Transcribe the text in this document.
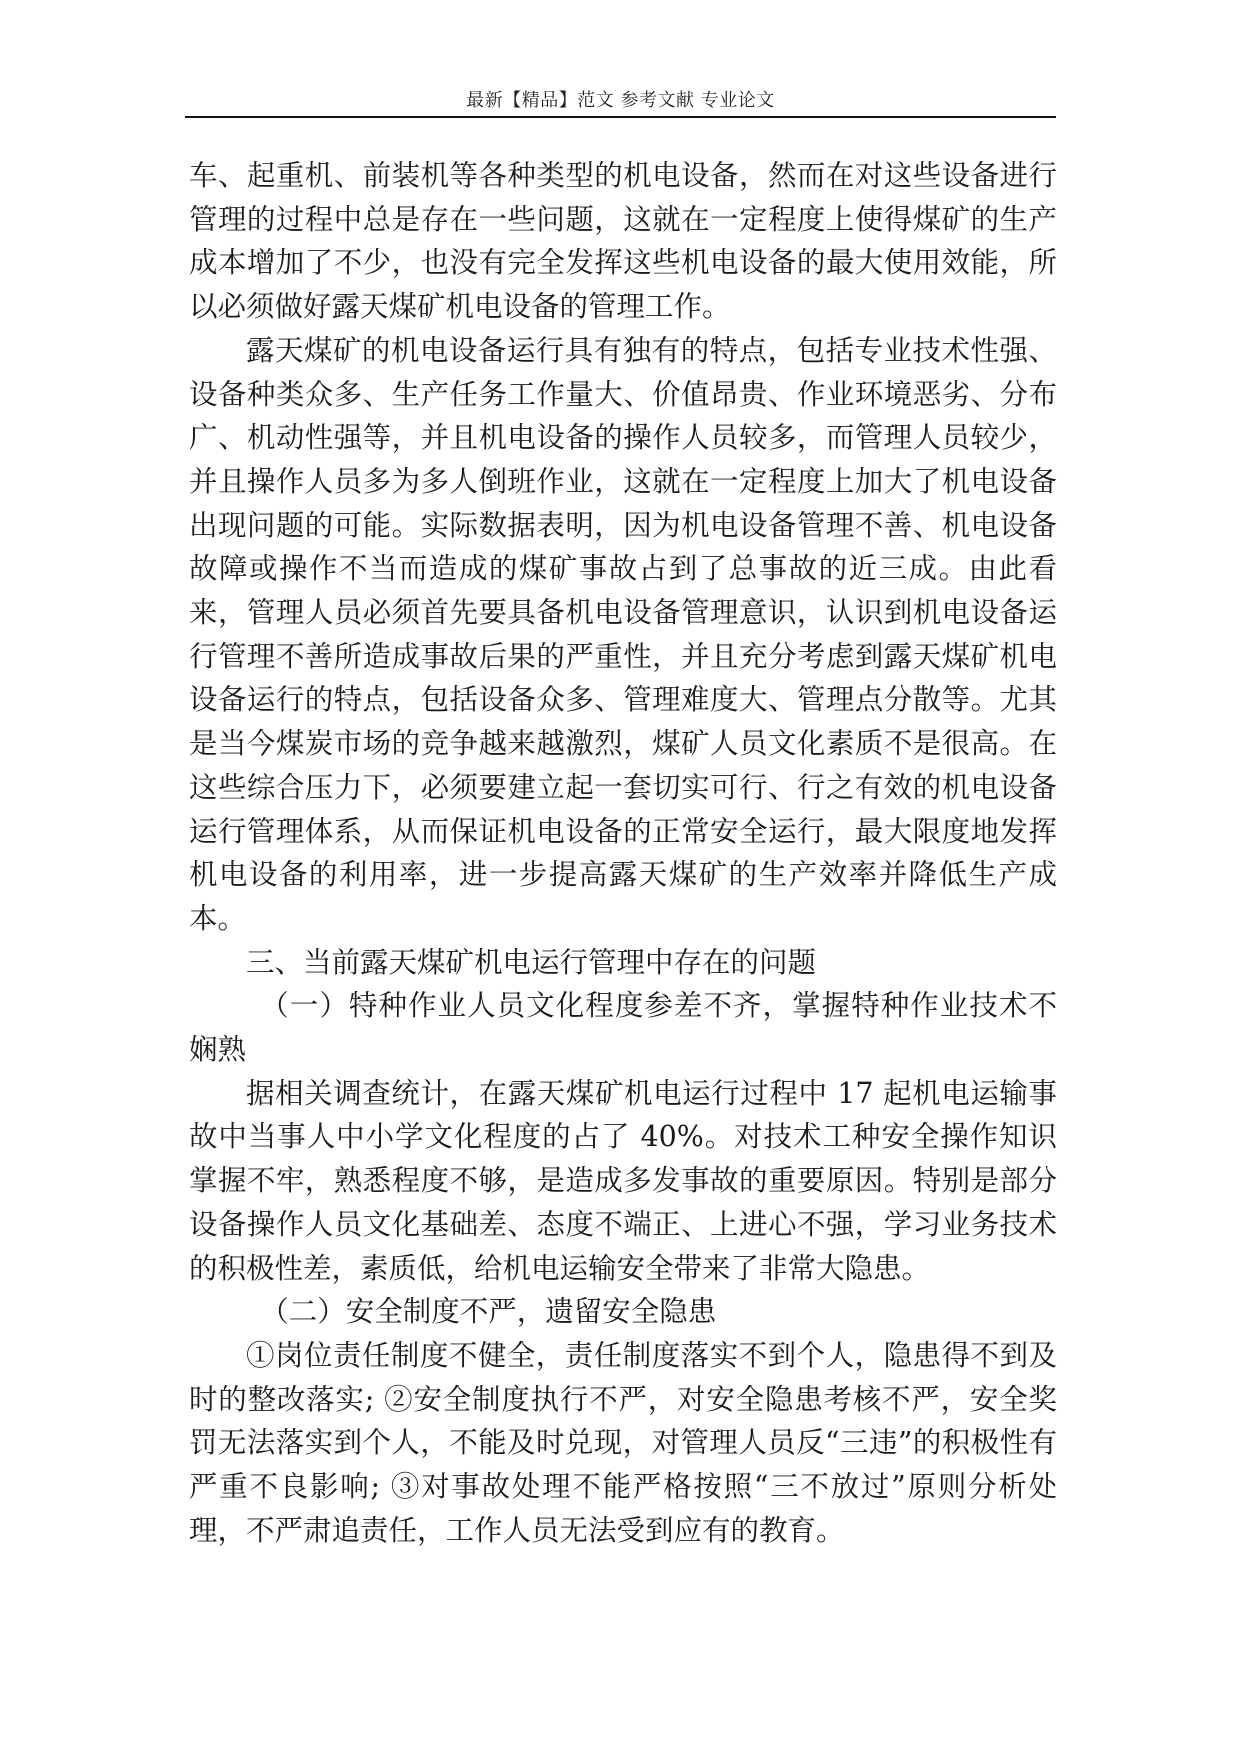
最新【精品】范文 参考文献 专业论文

车、起重机、前装机等各种类型的机电设备，然而在对这些设备进行管理的过程中总是存在一些问题，这就在一定程度上使得煤矿的生产成本增加了不少，也没有完全发挥这些机电设备的最大使用效能，所以必须做好露天煤矿机电设备的管理工作。

露天煤矿的机电设备运行具有独有的特点，包括专业技术性强、设备种类众多、生产任务工作量大、价值昂贵、作业环境恶劣、分布广、机动性强等，并且机电设备的操作人员较多，而管理人员较少，并且操作人员多为多人倒班作业，这就在一定程度上加大了机电设备出现问题的可能。实际数据表明，因为机电设备管理不善、机电设备故障或操作不当而造成的煤矿事故占到了总事故的近三成。由此看来，管理人员必须首先要具备机电设备管理意识，认识到机电设备运行管理不善所造成事故后果的严重性，并且充分考虑到露天煤矿机电设备运行的特点，包括设备众多、管理难度大、管理点分散等。尤其是当今煤炭市场的竞争越来越激烈，煤矿人员文化素质不是很高。在这些综合压力下，必须要建立起一套切实可行、行之有效的机电设备运行管理体系，从而保证机电设备的正常安全运行，最大限度地发挥机电设备的利用率，进一步提高露天煤矿的生产效率并降低生产成本。

三、当前露天煤矿机电运行管理中存在的问题

（一）特种作业人员文化程度参差不齐，掌握特种作业技术不娴熟

据相关调查统计，在露天煤矿机电运行过程中 17 起机电运输事故中当事人中小学文化程度的占了 40%。对技术工种安全操作知识掌握不牢，熟悉程度不够，是造成多发事故的重要原因。特别是部分设备操作人员文化基础差、态度不端正、上进心不强，学习业务技术的积极性差，素质低，给机电运输安全带来了非常大隐患。

（二）安全制度不严，遗留安全隐患

①岗位责任制度不健全，责任制度落实不到个人，隐患得不到及时的整改落实; ②安全制度执行不严，对安全隐患考核不严，安全奖罚无法落实到个人，不能及时兑现，对管理人员反“三违”的积极性有严重不良影响; ③对事故处理不能严格按照“三不放过”原则分析处理，不严肃追责任，工作人员无法受到应有的教育。
